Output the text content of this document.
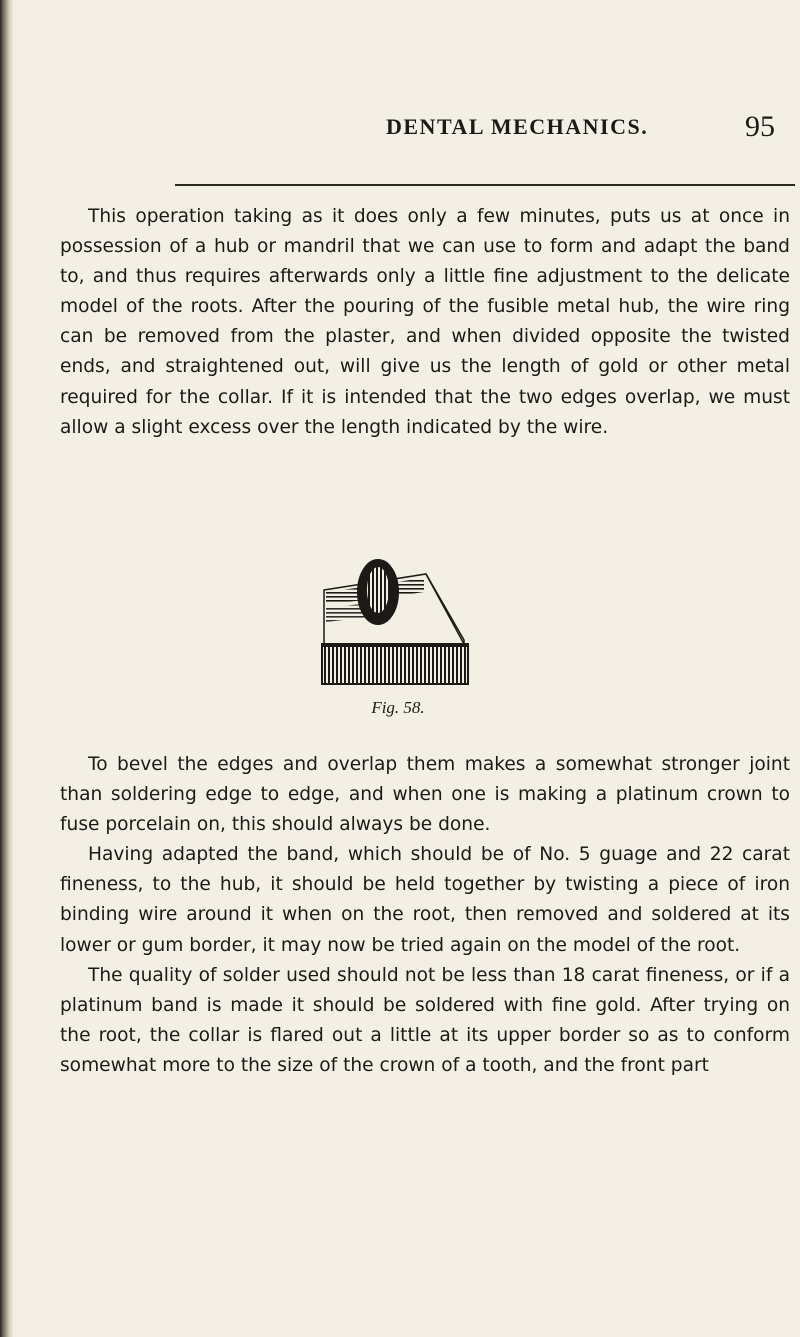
DENTAL MECHANICS.	95

This operation taking as it does only a few minutes, puts us at once in possession of a hub or mandril that we can use to form and adapt the band to, and thus requires afterwards only a little fine adjustment to the delicate model of the roots. After the pouring of the fusible metal hub, the wire ring can be removed from the plaster, and when divided opposite the twisted ends, and straightened out, will give us the length of gold or other metal required for the collar. If it is intended that the two edges overlap, we must allow a slight excess over the length indicated by the wire.

Fig. 58.

To bevel the edges and overlap them makes a somewhat stronger joint than soldering edge to edge, and when one is making a platinum crown to fuse porcelain on, this should always be done.

Having adapted the band, which should be of No. 5 guage and 22 carat fineness, to the hub, it should be held together by twisting a piece of iron binding wire around it when on the root, then removed and soldered at its lower or gum border, it may now be tried again on the model of the root.

The quality of solder used should not be less than 18 carat fineness, or if a platinum band is made it should be soldered with fine gold. After trying on the root, the collar is flared out a little at its upper border so as to conform somewhat more to the size of the crown of a tooth, and the front part
